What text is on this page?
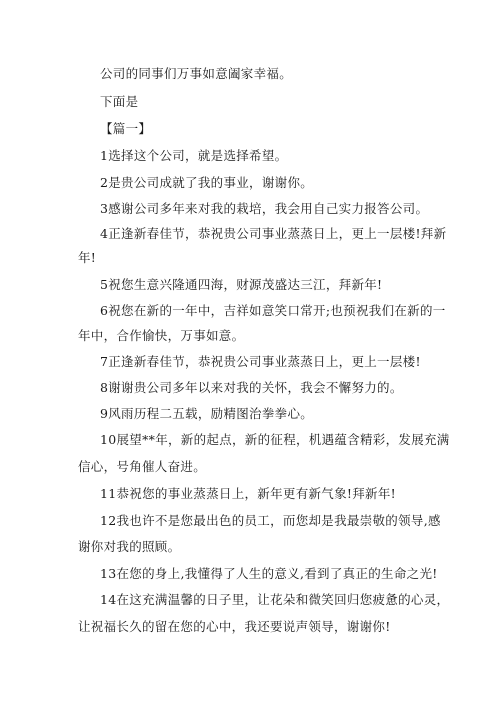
公司的同事们万事如意阖家幸福。
下面是
【篇一】
1选择这个公司，就是选择希望。
2是贵公司成就了我的事业，谢谢你。
3感谢公司多年来对我的栽培，我会用自己实力报答公司。
4正逢新春佳节，恭祝贵公司事业蒸蒸日上，更上一层楼!拜新
年!
5祝您生意兴隆通四海，财源茂盛达三江，拜新年!
6祝您在新的一年中，吉祥如意笑口常开;也预祝我们在新的一
年中，合作愉快，万事如意。
7正逢新春佳节，恭祝贵公司事业蒸蒸日上，更上一层楼!
8谢谢贵公司多年以来对我的关怀，我会不懈努力的。
9风雨历程二五载，励精图治拳拳心。
10展望**年，新的起点，新的征程，机遇蕴含精彩，发展充满
信心，号角催人奋进。
11恭祝您的事业蒸蒸日上，新年更有新气象!拜新年!
12我也许不是您最出色的员工，而您却是我最崇敬的领导,感
谢你对我的照顾。
13在您的身上,我懂得了人生的意义,看到了真正的生命之光!
14在这充满温馨的日子里，让花朵和微笑回归您疲惫的心灵，
让祝福长久的留在您的心中，我还要说声领导，谢谢你!
